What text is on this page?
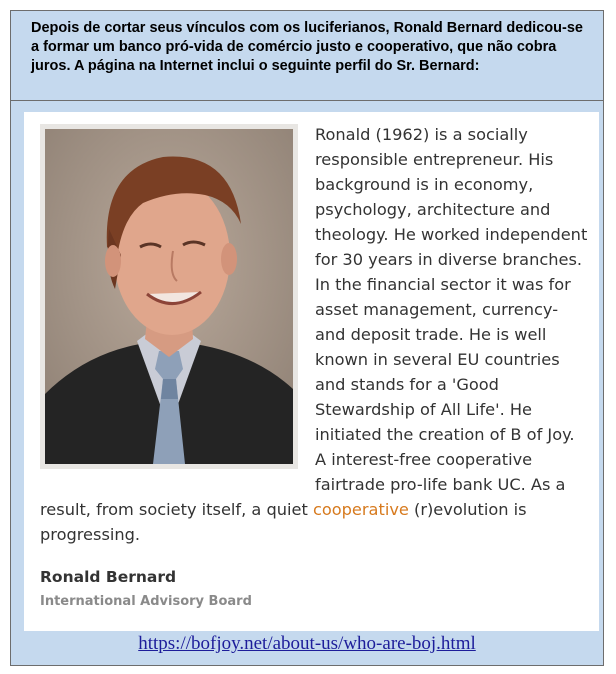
Depois de cortar seus vínculos com os luciferianos, Ronald Bernard dedicou-se a formar um banco pró-vida de comércio justo e cooperativo, que não cobra juros. A página na Internet inclui o seguinte perfil do Sr. Bernard:
Ronald (1962) is a socially responsible entrepreneur. His background is in economy, psychology, architecture and theology. He worked independent for 30 years in diverse branches. In the financial sector it was for asset management, currency- and deposit trade. He is well known in several EU countries and stands for a 'Good Stewardship of All Life'. He initiated the creation of B of Joy. A interest-free cooperative fairtrade pro-life bank UC. As a result, from society itself, a quiet cooperative (r)evolution is progressing.
Ronald Bernard
International Advisory Board
https://bofjoy.net/about-us/who-are-boj.html
